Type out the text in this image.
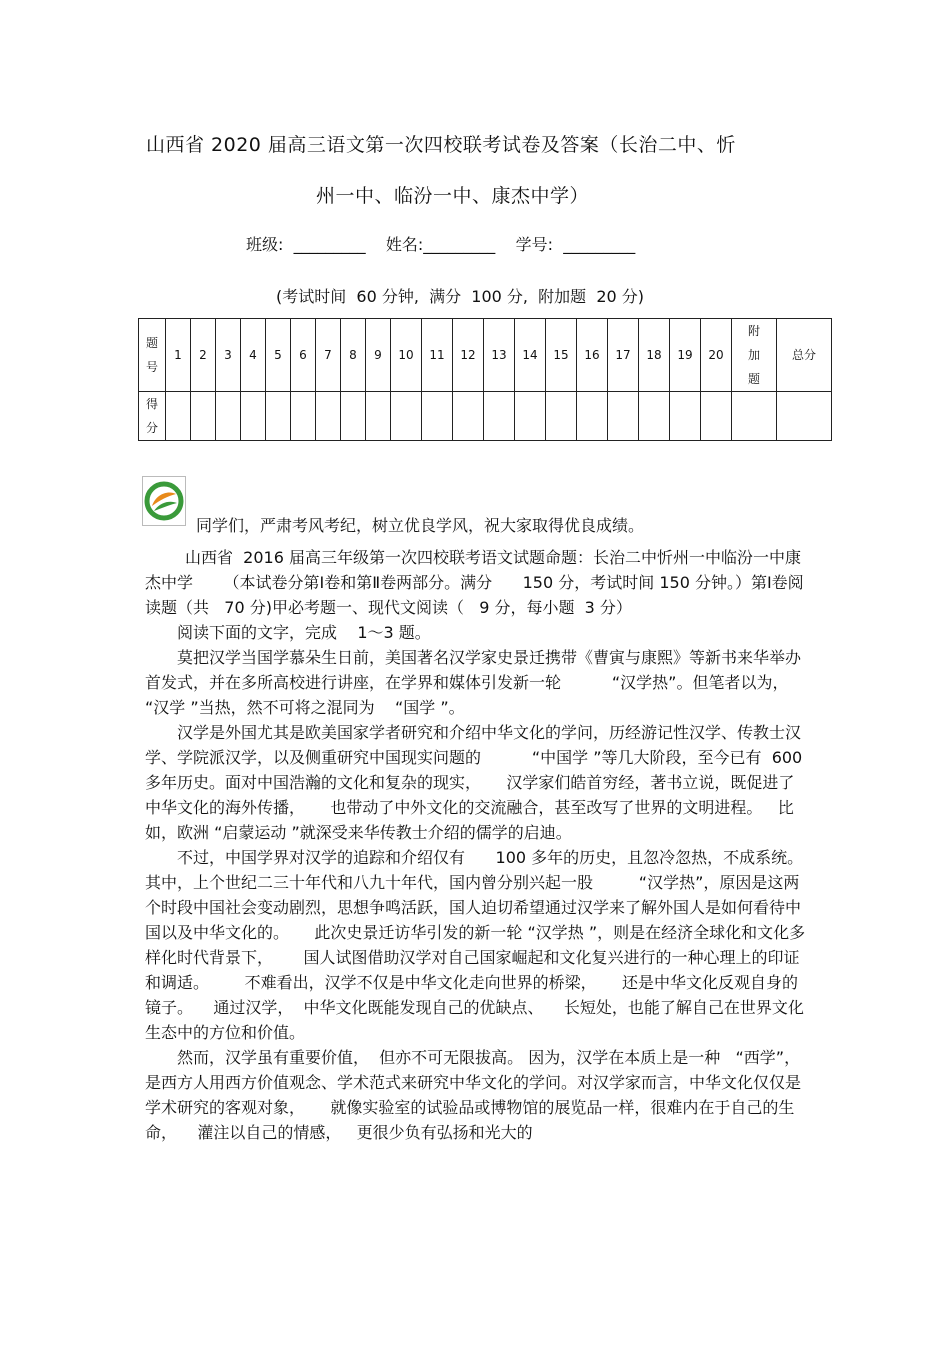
山西省 2020 届高三语文第一次四校联考试卷及答案（长治二中、忻
州一中、临汾一中、康杰中学）
班级:  _________    姓名:_________    学号:  _________
(考试时间  60 分钟,  满分  100 分,  附加题  20 分)
题号	1	2	3	4	5	6	7	8	9	10	11	12	13	14	15	16	17	18	19	20	附加题	总分

得分																						

同学们，严肃考风考纪，树立优良学风，祝大家取得优良成绩。

山西省  2016 届高三年级第一次四校联考语文试题命题：长治二中忻州一中临汾一中康杰中学      （本试卷分第Ⅰ卷和第Ⅱ卷两部分。满分      150 分，考试时间 150 分钟。）第Ⅰ卷阅读题（共   70 分)甲必考题一、现代文阅读（   9 分，每小题  3 分）

阅读下面的文字，完成    1～3 题。

莫把汉学当国学慕朵生日前，美国著名汉学家史景迁携带《曹寅与康熙》等新书来华举办首发式，并在多所高校进行讲座，在学界和媒体引发新一轮          “汉学热”。但笔者以为，     “汉学 ”当热，然不可将之混同为    “国学 ”。

汉学是外国尤其是欧美国家学者研究和介绍中华文化的学问，历经游记性汉学、传教士汉学、学院派汉学，以及侧重研究中国现实问题的          “中国学 ”等几大阶段，至今已有  600 多年历史。面对中国浩瀚的文化和复杂的现实，     汉学家们皓首穷经，著书立说，既促进了中华文化的海外传播，     也带动了中外文化的交流融合，甚至改写了世界的文明进程。   比如，欧洲 “启蒙运动 ”就深受来华传教士介绍的儒学的启迪。

不过，中国学界对汉学的追踪和介绍仅有      100 多年的历史，且忽冷忽热，不成系统。其中，上个世纪二三十年代和八九十年代，国内曾分别兴起一股         “汉学热”，原因是这两个时段中国社会变动剧烈，思想争鸣活跃，国人迫切希望通过汉学来了解外国人是如何看待中国以及中华文化的。     此次史景迁访华引发的新一轮 “汉学热 ”，则是在经济全球化和文化多样化时代背景下，      国人试图借助汉学对自己国家崛起和文化复兴进行的一种心理上的印证和调适。       不难看出，汉学不仅是中华文化走向世界的桥梁，     还是中华文化反观自身的镜子。    通过汉学，  中华文化既能发现自己的优缺点、    长短处，也能了解自己在世界文化生态中的方位和价值。

然而，汉学虽有重要价值，  但亦不可无限拔高。 因为，汉学在本质上是一种   “西学”，是西方人用西方价值观念、学术范式来研究中华文化的学问。对汉学家而言，中华文化仅仅是学术研究的客观对象，     就像实验室的试验品或博物馆的展览品一样，很难内在于自己的生命，    灌注以自己的情感，   更很少负有弘扬和光大的
